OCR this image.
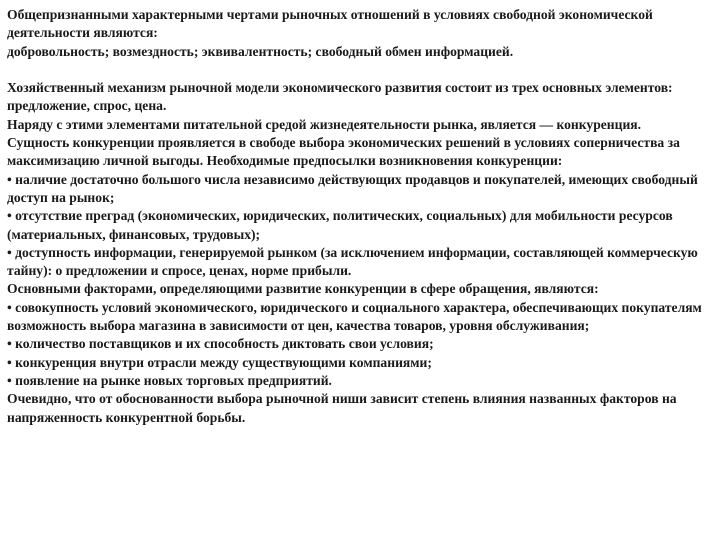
Общепризнанными характерными чертами рыночных отношений в условиях свободной экономической деятельности являются:

добровольность; возмездность; эквивалентность; свободный обмен информацией.

Хозяйственный механизм рыночной модели экономического развития состоит из трех основных элементов: предложение, спрос, цена.

Наряду с этими элементами питательной средой жизнедеятельности рынка, является — конкуренция.

Сущность конкуренции проявляется в свободе выбора экономических решений в условиях соперничества за максимизацию личной выгоды. Необходимые предпосылки возникновения конкуренции:

• наличие достаточно большого числа независимо действующих продавцов и покупателей, имеющих свободный доступ на рынок;

• отсутствие преград (экономических, юридических, политических, социальных) для мобильности ресурсов (материальных, финансовых, трудовых);

• доступность информации, генерируемой рынком (за исключением информации, составляющей коммерческую тайну): о предложении и спросе, ценах, норме прибыли.

Основными факторами, определяющими развитие конкуренции в сфере обращения, являются:

• совокупность условий экономического, юридического и социального характера, обеспечивающих покупателям возможность выбора магазина в зависимости от цен, качества товаров, уровня обслуживания;

• количество поставщиков и их способность диктовать свои условия;

• конкуренция внутри отрасли между существующими компаниями;

• появление на рынке новых торговых предприятий.

Очевидно, что от обоснованности выбора рыночной ниши зависит степень влияния названных факторов на напряженность конкурентной борьбы.
